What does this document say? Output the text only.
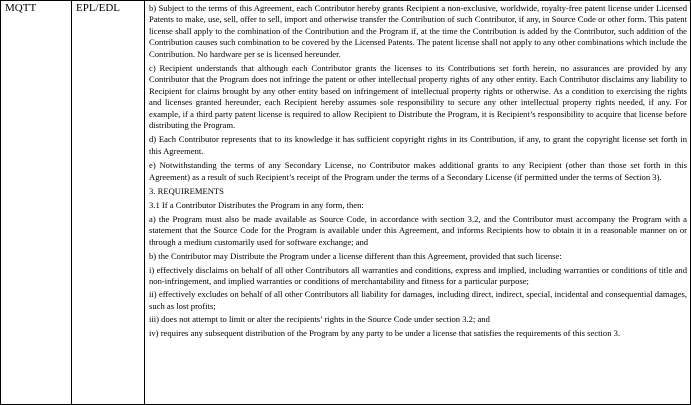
MQTT	EPL/EDL	b) Subject to the terms of this Agreement, each Contributor hereby grants Recipient a non-exclusive, worldwide, royalty-free patent license under Licensed Patents to make, use, sell, offer to sell, import and otherwise transfer the Contribution of such Contributor, if any, in Source Code or other form. This patent license shall apply to the combination of the Contribution and the Program if, at the time the Contribution is added by the Contributor, such addition of the Contribution causes such combination to be covered by the Licensed Patents. The patent license shall not apply to any other combinations which include the Contribution. No hardware per se is licensed hereunder.

c) Recipient understands that although each Contributor grants the licenses to its Contributions set forth herein, no assurances are provided by any Contributor that the Program does not infringe the patent or other intellectual property rights of any other entity. Each Contributor disclaims any liability to Recipient for claims brought by any other entity based on infringement of intellectual property rights or otherwise. As a condition to exercising the rights and licenses granted hereunder, each Recipient hereby assumes sole responsibility to secure any other intellectual property rights needed, if any. For example, if a third party patent license is required to allow Recipient to Distribute the Program, it is Recipient’s responsibility to acquire that license before distributing the Program.

d) Each Contributor represents that to its knowledge it has sufficient copyright rights in its Contribution, if any, to grant the copyright license set forth in this Agreement.

e) Notwithstanding the terms of any Secondary License, no Contributor makes additional grants to any Recipient (other than those set forth in this Agreement) as a result of such Recipient’s receipt of the Program under the terms of a Secondary License (if permitted under the terms of Section 3).

3. REQUIREMENTS

3.1 If a Contributor Distributes the Program in any form, then:

a) the Program must also be made available as Source Code, in accordance with section 3.2, and the Contributor must accompany the Program with a statement that the Source Code for the Program is available under this Agreement, and informs Recipients how to obtain it in a reasonable manner on or through a medium customarily used for software exchange; and

b) the Contributor may Distribute the Program under a license different than this Agreement, provided that such license:

i) effectively disclaims on behalf of all other Contributors all warranties and conditions, express and implied, including warranties or conditions of title and non-infringement, and implied warranties or conditions of merchantability and fitness for a particular purpose;

ii) effectively excludes on behalf of all other Contributors all liability for damages, including direct, indirect, special, incidental and consequential damages, such as lost profits;

iii) does not attempt to limit or alter the recipients’ rights in the Source Code under section 3.2; and

iv) requires any subsequent distribution of the Program by any party to be under a license that satisfies the requirements of this section 3.
